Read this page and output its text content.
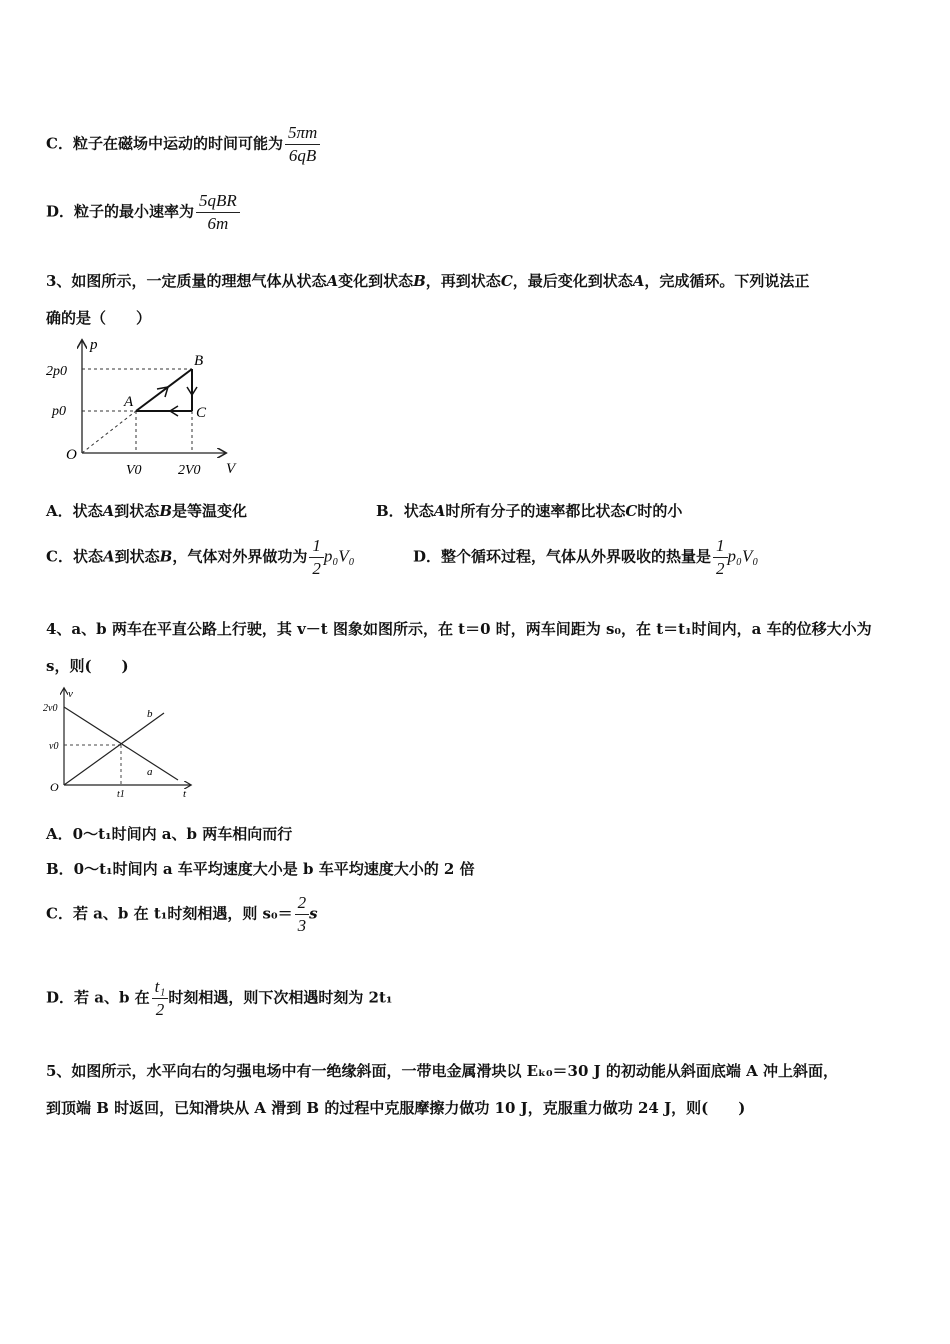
C．粒子在磁场中运动的时间可能为 $\frac{5\pi m}{6qB}$
D．粒子的最小速率为 $\frac{\text{5qBR}}{6m}$
3、如图所示，一定质量的理想气体从状态A变化到状态B，再到状态C，最后变化到状态A，完成循环。下列说法正
确的是（　　）
p
V
O
2p0
p0
V0	2V0
A
B
C
A．状态A到状态B是等温变化	B．状态A时所有分子的速率都比状态C时的小
C．状态A到状态B，气体对外界做功为 $\frac{1}{2} p_0V_0$	D．整个循环过程，气体从外界吸收的热量是 $\frac{1}{2} p_0V_0$
4、a、b 两车在平直公路上行驶，其 v－t 图象如图所示，在 t＝0 时，两车间距为 s₀，在 t＝t₁时间内，a 车的位移大小为
s，则(　　)
v
t
O
2v0
v0
t1
a
b
A．0～t₁时间内 a、b 两车相向而行
B．0～t₁时间内 a 车平均速度大小是 b 车平均速度大小的 2 倍
C．若 a、b 在 t₁时刻相遇，则 $s_0= \frac{2}{3}$ s
D．若 a、b 在 $\frac{\text{t₁}}{2}$ 时刻相遇，则下次相遇时刻为 2t₁
5、如图所示，水平向右的匀强电场中有一绝缘斜面，一带电金属滑块以 Eₖ₀＝30 J 的初动能从斜面底端 A 冲上斜面，
到顶端 B 时返回，已知滑块从 A 滑到 B 的过程中克服摩擦力做功 10 J，克服重力做功 24 J，则(　　)
